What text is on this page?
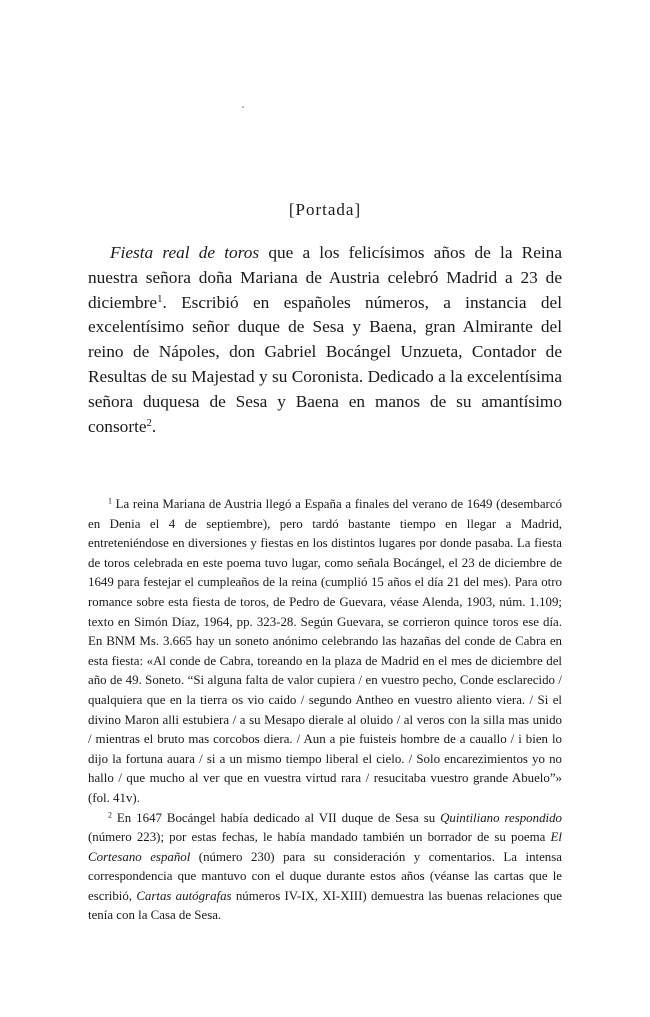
[Portada]

Fiesta real de toros que a los felicísimos años de la Reina nuestra señora doña Mariana de Austria celebró Madrid a 23 de diciembre$^1$. Escribió en españoles números, a instancia del excelentísimo señor duque de Sesa y Baena, gran Almirante del reino de Nápoles, don Gabriel Bocángel Unzueta, Contador de Resultas de su Majestad y su Coronista. Dedicado a la excelentísima señora duquesa de Sesa y Baena en manos de su amantísimo consorte$^2$.

$^1$ La reina Mariana de Austria llegó a España a finales del verano de 1649 (desembarcó en Denia el 4 de septiembre), pero tardó bastante tiempo en llegar a Madrid, entreteniéndose en diversiones y fiestas en los distintos lugares por donde pasaba. La fiesta de toros celebrada en este poema tuvo lugar, como señala Bocángel, el 23 de diciembre de 1649 para festejar el cumpleaños de la reina (cumplió 15 años el día 21 del mes). Para otro romance sobre esta fiesta de toros, de Pedro de Guevara, véase Alenda, 1903, núm. 1.109; texto en Simón Díaz, 1964, pp. 323-28. Según Guevara, se corrieron quince toros ese día. En BNM Ms. 3.665 hay un soneto anónimo celebrando las hazañas del conde de Cabra en esta fiesta: «Al conde de Cabra, toreando en la plaza de Madrid en el mes de diciembre del año de 49. Soneto. “Si alguna falta de valor cupiera / en vuestro pecho, Conde esclarecido / qualquiera que en la tierra os vio caido / segundo Antheo en vuestro aliento viera. / Si el divino Maron alli estubiera / a su Mesapo dierale al oluido / al veros con la silla mas unido / mientras el bruto mas corcobos diera. / Aun a pie fuisteis hombre de a cauallo / i bien lo dijo la fortuna auara / si a un mismo tiempo liberal el cielo. / Solo encarezimientos yo no hallo / que mucho al ver que en vuestra virtud rara / resucitaba vuestro grande Abuelo”» (fol. 41v).

$^2$ En 1647 Bocángel había dedicado al VII duque de Sesa su Quintiliano respondido (número 223); por estas fechas, le había mandado también un borrador de su poema El Cortesano español (número 230) para su consideración y comentarios. La intensa correspondencia que mantuvo con el duque durante estos años (véanse las cartas que le escribió, Cartas autógrafas números IV-IX, XI-XIII) demuestra las buenas relaciones que tenía con la Casa de Sesa.
